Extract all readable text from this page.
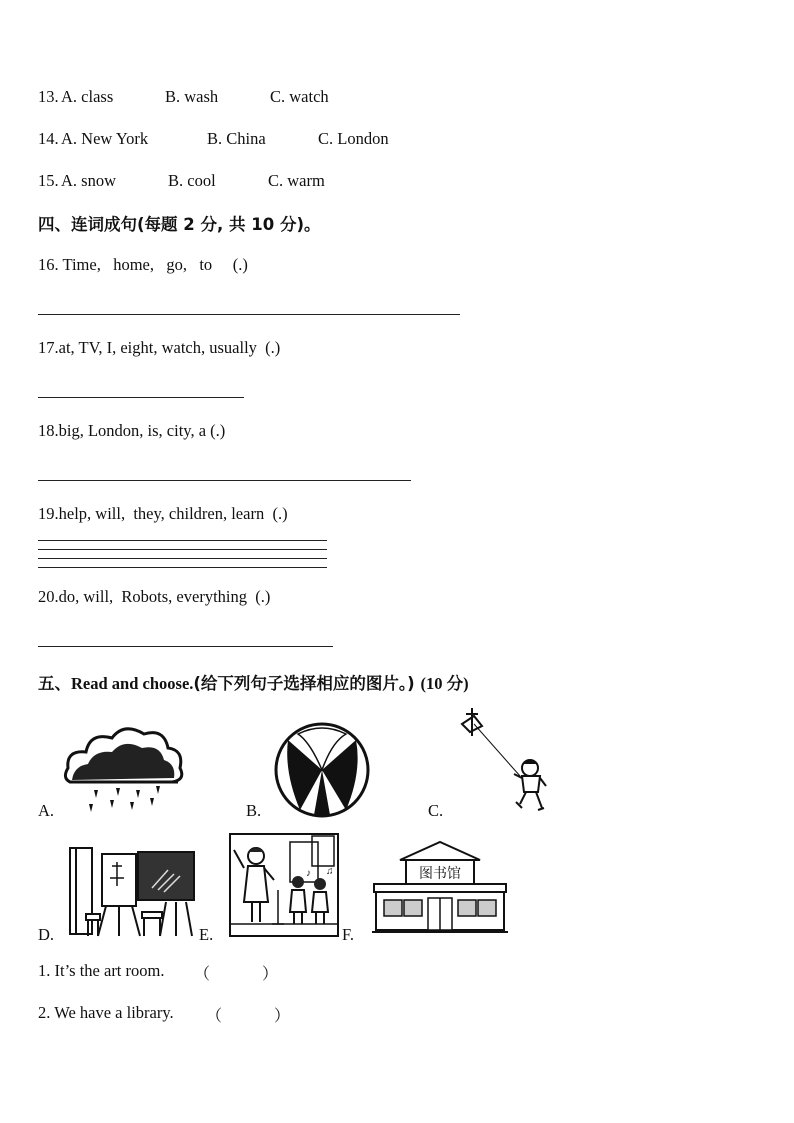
13. A. class	B. wash	C. watch
14. A. New York	B. China	C. London
15. A. snow	B. cool	C. warm
四、连词成句(每题 2 分, 共 10 分)。
16. Time,   home,   go,   to     (.)
17.at, TV, I, eight, watch, usually  (.)
18.big, London, is, city, a (.)
19.help, will,  they, children, learn  (.)
20.do, will,  Robots, everything  (.)
五、Read and choose.(给下列句子选择相应的图片。) (10 分)
A.	B.	C.
D.	E.
♪ ♫
F.
图书馆
1. It’s the art room. （	）
2. We have a library. （	）
